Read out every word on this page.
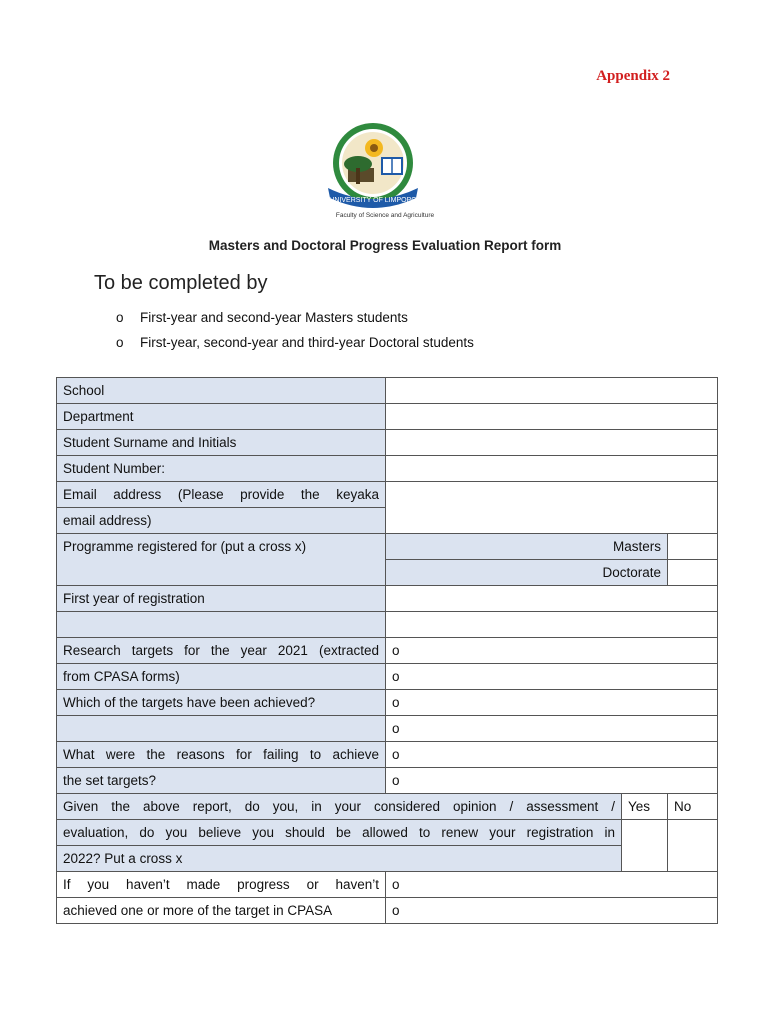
Appendix 2
UNIVERSITY OF LIMPOPO
Faculty of Science and Agriculture
Masters and Doctoral Progress Evaluation Report form
To be completed by
o	First-year and second-year Masters students
o	First-year, second-year and third-year Doctoral students
School			
Department			
Student Surname and Initials			
Student Number:			
Email address (Please provide the keyaka			
email address)			
Programme registered for (put a cross x)	Masters		
	Doctorate		
First year of registration			

Research targets for the year 2021 (extracted	o		
from CPASA forms)	o		
Which of the targets have been achieved?	o		
	o		
What were the reasons for failing to achieve	o		
the set targets?	o		
Given the above report, do you, in your considered opinion / assessment /		Yes	No
evaluation, do you believe you should be allowed to renew your registration in			
2022? Put a cross x			
If you haven’t made progress or haven’t	o		
achieved one or more of the target in CPASA	o		
